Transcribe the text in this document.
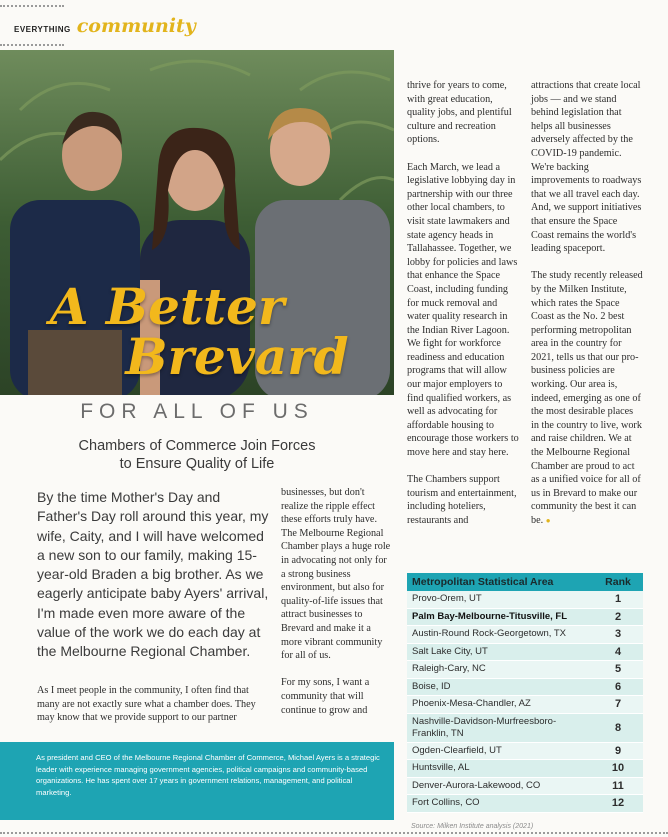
EVERYTHING community
A Better
Brevard
FOR ALL OF US
Chambers of Commerce Join Forces
to Ensure Quality of Life
By the time Mother's Day and Father's Day roll around this year, my wife, Caity, and I will have welcomed a new son to our family, making 15-year-old Braden a big brother. As we eagerly anticipate baby Ayers' arrival, I'm made even more aware of the value of the work we do each day at the Melbourne Regional Chamber.

As I meet people in the community, I often find that many are not exactly sure what a chamber does. They may know that we provide support to our partner

businesses, but don't realize the ripple effect these efforts truly have. The Melbourne Regional Chamber plays a huge role in advocating not only for a strong business environment, but also for quality-of-life issues that attract businesses to Brevard and make it a more vibrant community for all of us.

For my sons, I want a community that will continue to grow and

thrive for years to come, with great education, quality jobs, and plentiful culture and recreation options.

Each March, we lead a legislative lobbying day in partnership with our three other local chambers, to visit state lawmakers and state agency heads in Tallahassee. Together, we lobby for policies and laws that enhance the Space Coast, including funding for muck removal and water quality research in the Indian River Lagoon. We fight for workforce readiness and education programs that will allow our major employers to find qualified workers, as well as advocating for affordable housing to encourage those workers to move here and stay here.

The Chambers support tourism and entertainment, including hoteliers, restaurants and

attractions that create local jobs — and we stand behind legislation that helps all businesses adversely affected by the COVID-19 pandemic. We're backing improvements to roadways that we all travel each day. And, we support initiatives that ensure the Space Coast remains the world's leading spaceport.

The study recently released by the Milken Institute, which rates the Space Coast as the No. 2 best performing metropolitan area in the country for 2021, tells us that our pro-business policies are working. Our area is, indeed, emerging as one of the most desirable places in the country to live, work and raise children. We at the Melbourne Regional Chamber are proud to act as a unified voice for all of us in Brevard to make our community the best it can be. ●

As president and CEO of the Melbourne Regional Chamber of Commerce, Michael Ayers is a strategic leader with experience managing government agencies, political campaigns and community-based organizations. He has spent over 17 years in government relations, management, and political marketing.
Metropolitan Statistical Area	Rank
Provo-Orem, UT	1
Palm Bay-Melbourne-Titusville, FL	2
Austin-Round Rock-Georgetown, TX	3
Salt Lake City, UT	4
Raleigh-Cary, NC	5
Boise, ID	6
Phoenix-Mesa-Chandler, AZ	7
Nashville-Davidson-Murfreesboro-Franklin, TN	8
Ogden-Clearfield, UT	9
Huntsville, AL	10
Denver-Aurora-Lakewood, CO	11
Fort Collins, CO	12
Source: Milken Institute analysis (2021)
